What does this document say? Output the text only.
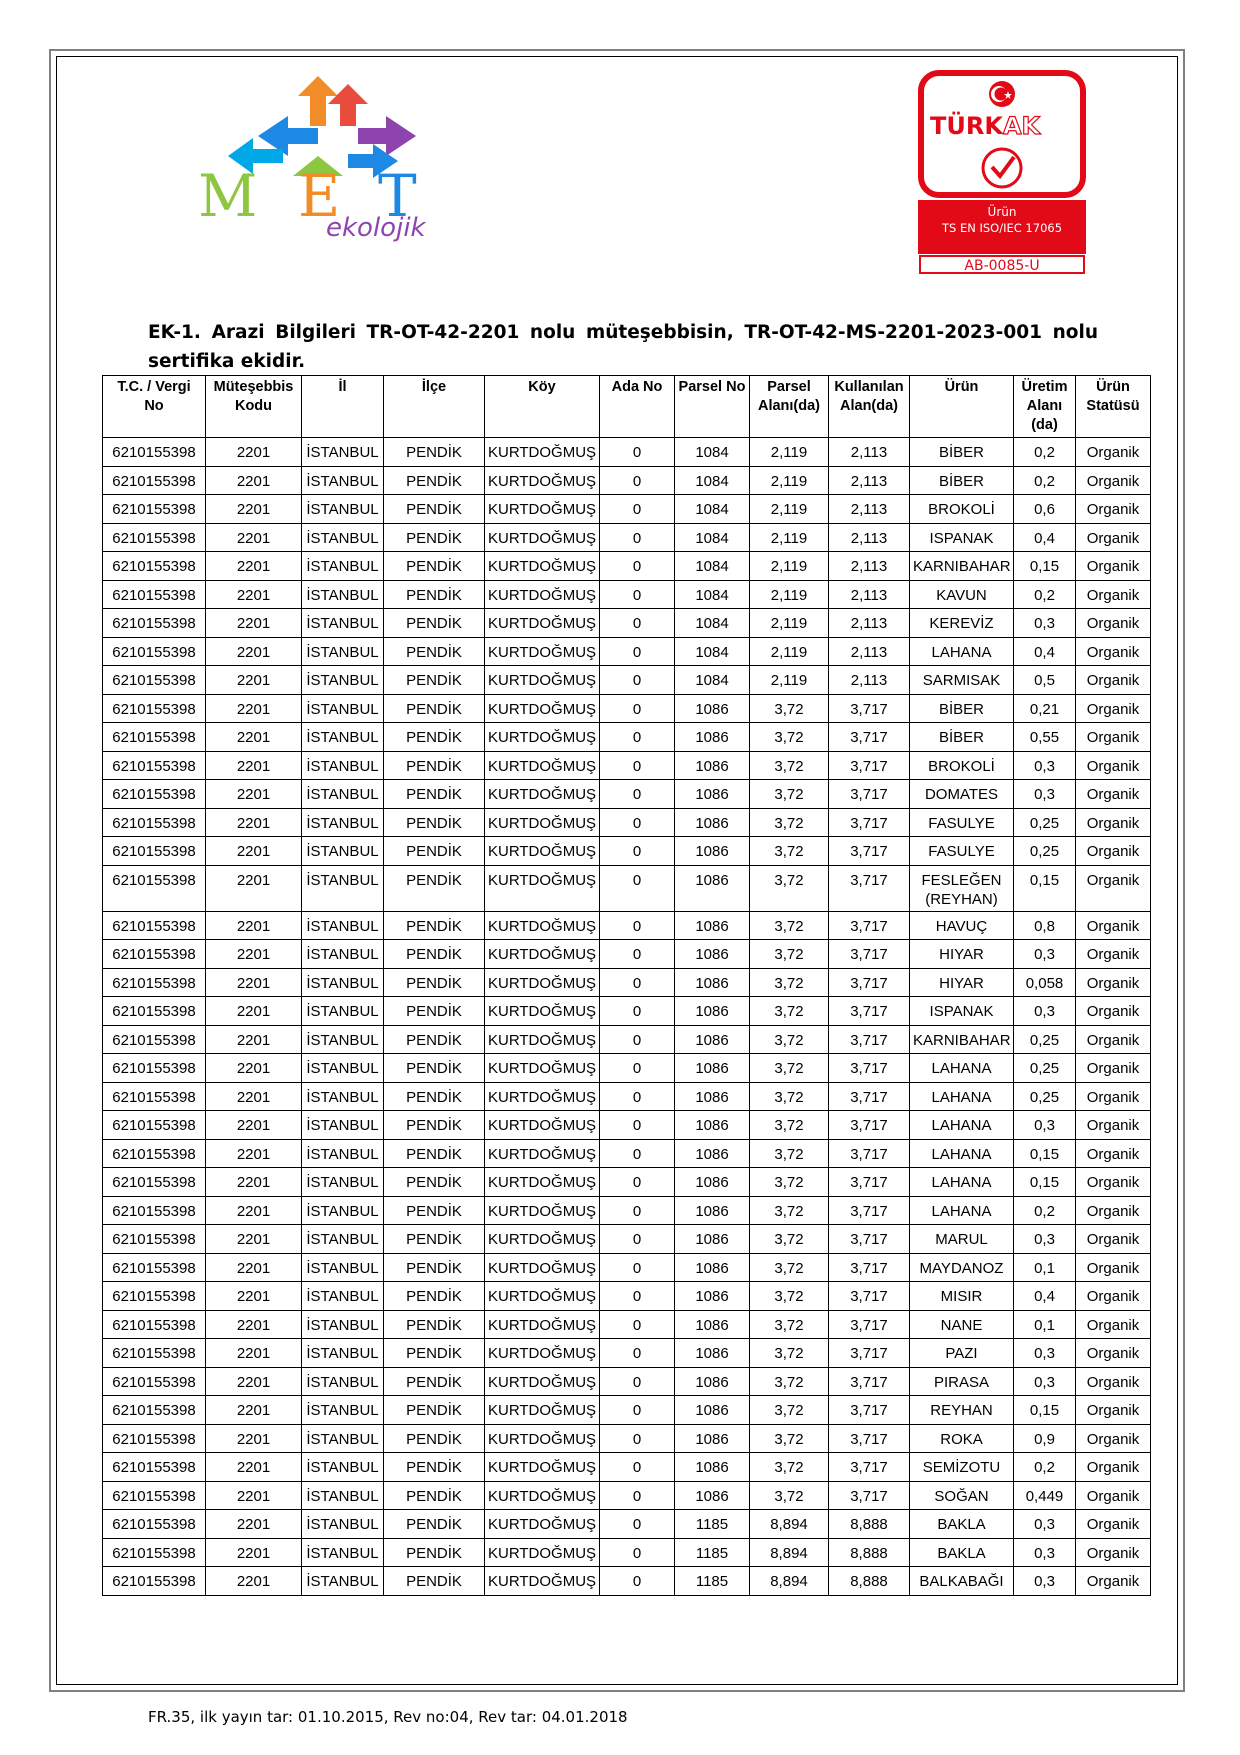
M E T
ekolojik
TÜRKAK
Ürün
TS EN ISO/IEC 17065
AB-0085-U
EK-1. Arazi Bilgileri TR-OT-42-2201 nolu müteşebbisin, TR-OT-42-MS-2201-2023-001 nolu sertifika ekidir.
T.C. / Vergi No	Müteşebbis Kodu	İl	İlçe	Köy	Ada No	Parsel No	Parsel Alanı(da)	Kullanılan Alan(da)	Ürün	Üretim Alanı (da)	Ürün Statüsü
6210155398	2201	İSTANBUL	PENDİK	KURTDOĞMUŞ	0	1084	2,119	2,113	BİBER	0,2	Organik
6210155398	2201	İSTANBUL	PENDİK	KURTDOĞMUŞ	0	1084	2,119	2,113	BİBER	0,2	Organik
6210155398	2201	İSTANBUL	PENDİK	KURTDOĞMUŞ	0	1084	2,119	2,113	BROKOLİ	0,6	Organik
6210155398	2201	İSTANBUL	PENDİK	KURTDOĞMUŞ	0	1084	2,119	2,113	ISPANAK	0,4	Organik
6210155398	2201	İSTANBUL	PENDİK	KURTDOĞMUŞ	0	1084	2,119	2,113	KARNIBAHAR	0,15	Organik
6210155398	2201	İSTANBUL	PENDİK	KURTDOĞMUŞ	0	1084	2,119	2,113	KAVUN	0,2	Organik
6210155398	2201	İSTANBUL	PENDİK	KURTDOĞMUŞ	0	1084	2,119	2,113	KEREVİZ	0,3	Organik
6210155398	2201	İSTANBUL	PENDİK	KURTDOĞMUŞ	0	1084	2,119	2,113	LAHANA	0,4	Organik
6210155398	2201	İSTANBUL	PENDİK	KURTDOĞMUŞ	0	1084	2,119	2,113	SARMISAK	0,5	Organik
6210155398	2201	İSTANBUL	PENDİK	KURTDOĞMUŞ	0	1086	3,72	3,717	BİBER	0,21	Organik
6210155398	2201	İSTANBUL	PENDİK	KURTDOĞMUŞ	0	1086	3,72	3,717	BİBER	0,55	Organik
6210155398	2201	İSTANBUL	PENDİK	KURTDOĞMUŞ	0	1086	3,72	3,717	BROKOLİ	0,3	Organik
6210155398	2201	İSTANBUL	PENDİK	KURTDOĞMUŞ	0	1086	3,72	3,717	DOMATES	0,3	Organik
6210155398	2201	İSTANBUL	PENDİK	KURTDOĞMUŞ	0	1086	3,72	3,717	FASULYE	0,25	Organik
6210155398	2201	İSTANBUL	PENDİK	KURTDOĞMUŞ	0	1086	3,72	3,717	FASULYE	0,25	Organik
6210155398	2201	İSTANBUL	PENDİK	KURTDOĞMUŞ	0	1086	3,72	3,717	FESLEĞEN (REYHAN)	0,15	Organik
6210155398	2201	İSTANBUL	PENDİK	KURTDOĞMUŞ	0	1086	3,72	3,717	HAVUÇ	0,8	Organik
6210155398	2201	İSTANBUL	PENDİK	KURTDOĞMUŞ	0	1086	3,72	3,717	HIYAR	0,3	Organik
6210155398	2201	İSTANBUL	PENDİK	KURTDOĞMUŞ	0	1086	3,72	3,717	HIYAR	0,058	Organik
6210155398	2201	İSTANBUL	PENDİK	KURTDOĞMUŞ	0	1086	3,72	3,717	ISPANAK	0,3	Organik
6210155398	2201	İSTANBUL	PENDİK	KURTDOĞMUŞ	0	1086	3,72	3,717	KARNIBAHAR	0,25	Organik
6210155398	2201	İSTANBUL	PENDİK	KURTDOĞMUŞ	0	1086	3,72	3,717	LAHANA	0,25	Organik
6210155398	2201	İSTANBUL	PENDİK	KURTDOĞMUŞ	0	1086	3,72	3,717	LAHANA	0,25	Organik
6210155398	2201	İSTANBUL	PENDİK	KURTDOĞMUŞ	0	1086	3,72	3,717	LAHANA	0,3	Organik
6210155398	2201	İSTANBUL	PENDİK	KURTDOĞMUŞ	0	1086	3,72	3,717	LAHANA	0,15	Organik
6210155398	2201	İSTANBUL	PENDİK	KURTDOĞMUŞ	0	1086	3,72	3,717	LAHANA	0,15	Organik
6210155398	2201	İSTANBUL	PENDİK	KURTDOĞMUŞ	0	1086	3,72	3,717	LAHANA	0,2	Organik
6210155398	2201	İSTANBUL	PENDİK	KURTDOĞMUŞ	0	1086	3,72	3,717	MARUL	0,3	Organik
6210155398	2201	İSTANBUL	PENDİK	KURTDOĞMUŞ	0	1086	3,72	3,717	MAYDANOZ	0,1	Organik
6210155398	2201	İSTANBUL	PENDİK	KURTDOĞMUŞ	0	1086	3,72	3,717	MISIR	0,4	Organik
6210155398	2201	İSTANBUL	PENDİK	KURTDOĞMUŞ	0	1086	3,72	3,717	NANE	0,1	Organik
6210155398	2201	İSTANBUL	PENDİK	KURTDOĞMUŞ	0	1086	3,72	3,717	PAZI	0,3	Organik
6210155398	2201	İSTANBUL	PENDİK	KURTDOĞMUŞ	0	1086	3,72	3,717	PIRASA	0,3	Organik
6210155398	2201	İSTANBUL	PENDİK	KURTDOĞMUŞ	0	1086	3,72	3,717	REYHAN	0,15	Organik
6210155398	2201	İSTANBUL	PENDİK	KURTDOĞMUŞ	0	1086	3,72	3,717	ROKA	0,9	Organik
6210155398	2201	İSTANBUL	PENDİK	KURTDOĞMUŞ	0	1086	3,72	3,717	SEMİZOTU	0,2	Organik
6210155398	2201	İSTANBUL	PENDİK	KURTDOĞMUŞ	0	1086	3,72	3,717	SOĞAN	0,449	Organik
6210155398	2201	İSTANBUL	PENDİK	KURTDOĞMUŞ	0	1185	8,894	8,888	BAKLA	0,3	Organik
6210155398	2201	İSTANBUL	PENDİK	KURTDOĞMUŞ	0	1185	8,894	8,888	BAKLA	0,3	Organik
6210155398	2201	İSTANBUL	PENDİK	KURTDOĞMUŞ	0	1185	8,894	8,888	BALKABAĞI	0,3	Organik
FR.35, ilk yayın tar: 01.10.2015, Rev no:04, Rev tar: 04.01.2018
